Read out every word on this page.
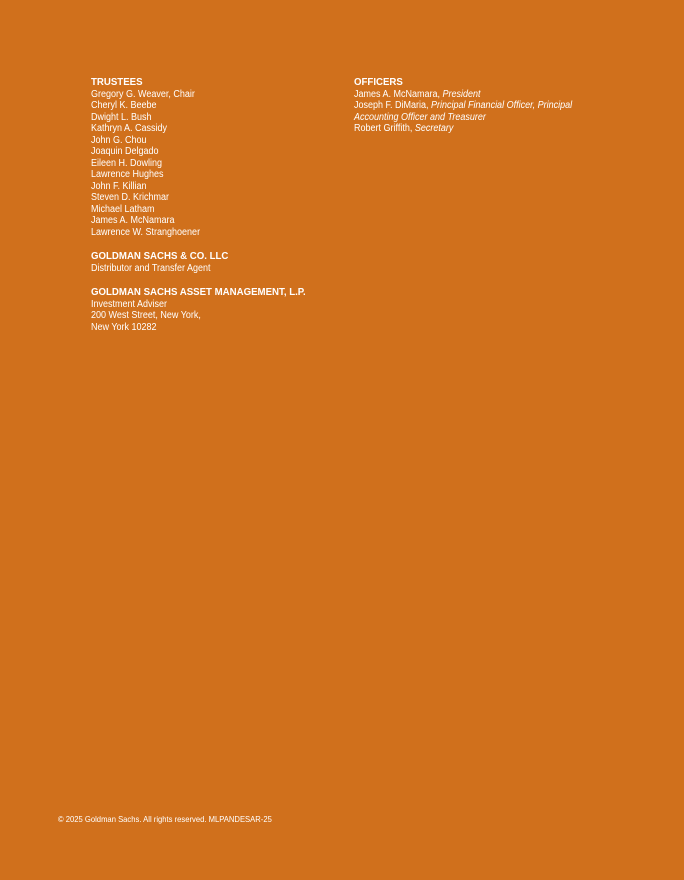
TRUSTEES
Gregory G. Weaver, Chair
Cheryl K. Beebe
Dwight L. Bush
Kathryn A. Cassidy
John G. Chou
Joaquin Delgado
Eileen H. Dowling
Lawrence Hughes
John F. Killian
Steven D. Krichmar
Michael Latham
James A. McNamara
Lawrence W. Stranghoener
GOLDMAN SACHS & CO. LLC
Distributor and Transfer Agent
GOLDMAN SACHS ASSET MANAGEMENT, L.P.
Investment Adviser
200 West Street, New York,
New York 10282
OFFICERS
James A. McNamara, President
Joseph F. DiMaria, Principal Financial Officer, Principal
Accounting Officer and Treasurer
Robert Griffith, Secretary
© 2025 Goldman Sachs. All rights reserved. MLPANDESAR-25
